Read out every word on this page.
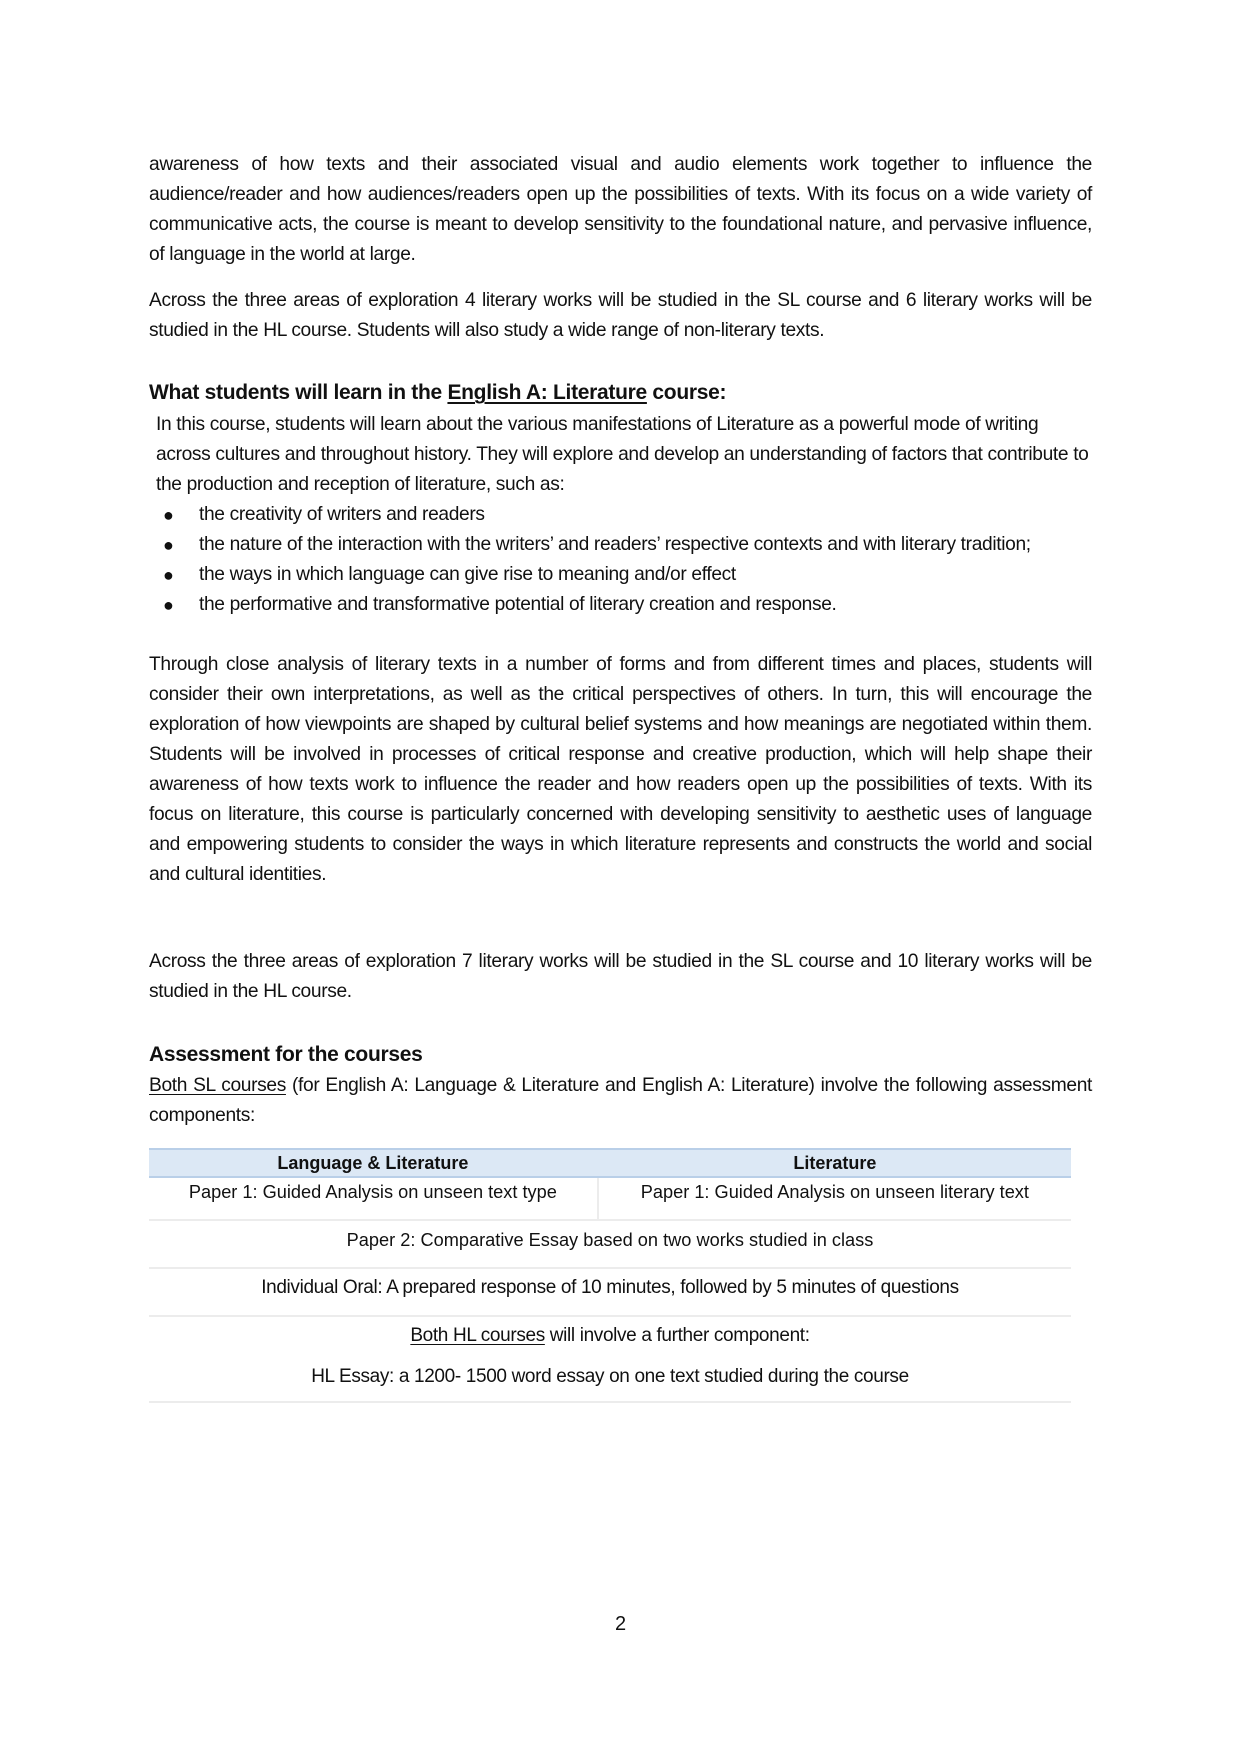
awareness of how texts and their associated visual and audio elements work together to influence the audience/reader and how audiences/readers open up the possibilities of texts. With its focus on a wide variety of communicative acts, the course is meant to develop sensitivity to the foundational nature, and pervasive influence, of language in the world at large.

Across the three areas of exploration 4 literary works will be studied in the SL course and 6 literary works will be studied in the HL course. Students will also study a wide range of non-literary texts.

What students will learn in the English A: Literature course:

In this course, students will learn about the various manifestations of Literature as a powerful mode of writing across cultures and throughout history. They will explore and develop an understanding of factors that contribute to the production and reception of literature, such as:

● the creativity of writers and readers
● the nature of the interaction with the writers’ and readers’ respective contexts and with literary tradition;
● the ways in which language can give rise to meaning and/or effect
● the performative and transformative potential of literary creation and response.

Through close analysis of literary texts in a number of forms and from different times and places, students will consider their own interpretations, as well as the critical perspectives of others. In turn, this will encourage the exploration of how viewpoints are shaped by cultural belief systems and how meanings are negotiated within them. Students will be involved in processes of critical response and creative production, which will help shape their awareness of how texts work to influence the reader and how readers open up the possibilities of texts. With its focus on literature, this course is particularly concerned with developing sensitivity to aesthetic uses of language and empowering students to consider the ways in which literature represents and constructs the world and social and cultural identities.

Across the three areas of exploration 7 literary works will be studied in the SL course and 10 literary works will be studied in the HL course.

Assessment for the courses

Both SL courses (for English A: Language & Literature and English A: Literature) involve the following assessment components:

Language & Literature	Literature
Paper 1: Guided Analysis on unseen text type	Paper 1: Guided Analysis on unseen literary text
Paper 2: Comparative Essay based on two works studied in class	
Individual Oral: A prepared response of 10 minutes, followed by 5 minutes of questions	
Both HL courses will involve a further component:	
HL Essay: a 1200- 1500 word essay on one text studied during the course	
2
